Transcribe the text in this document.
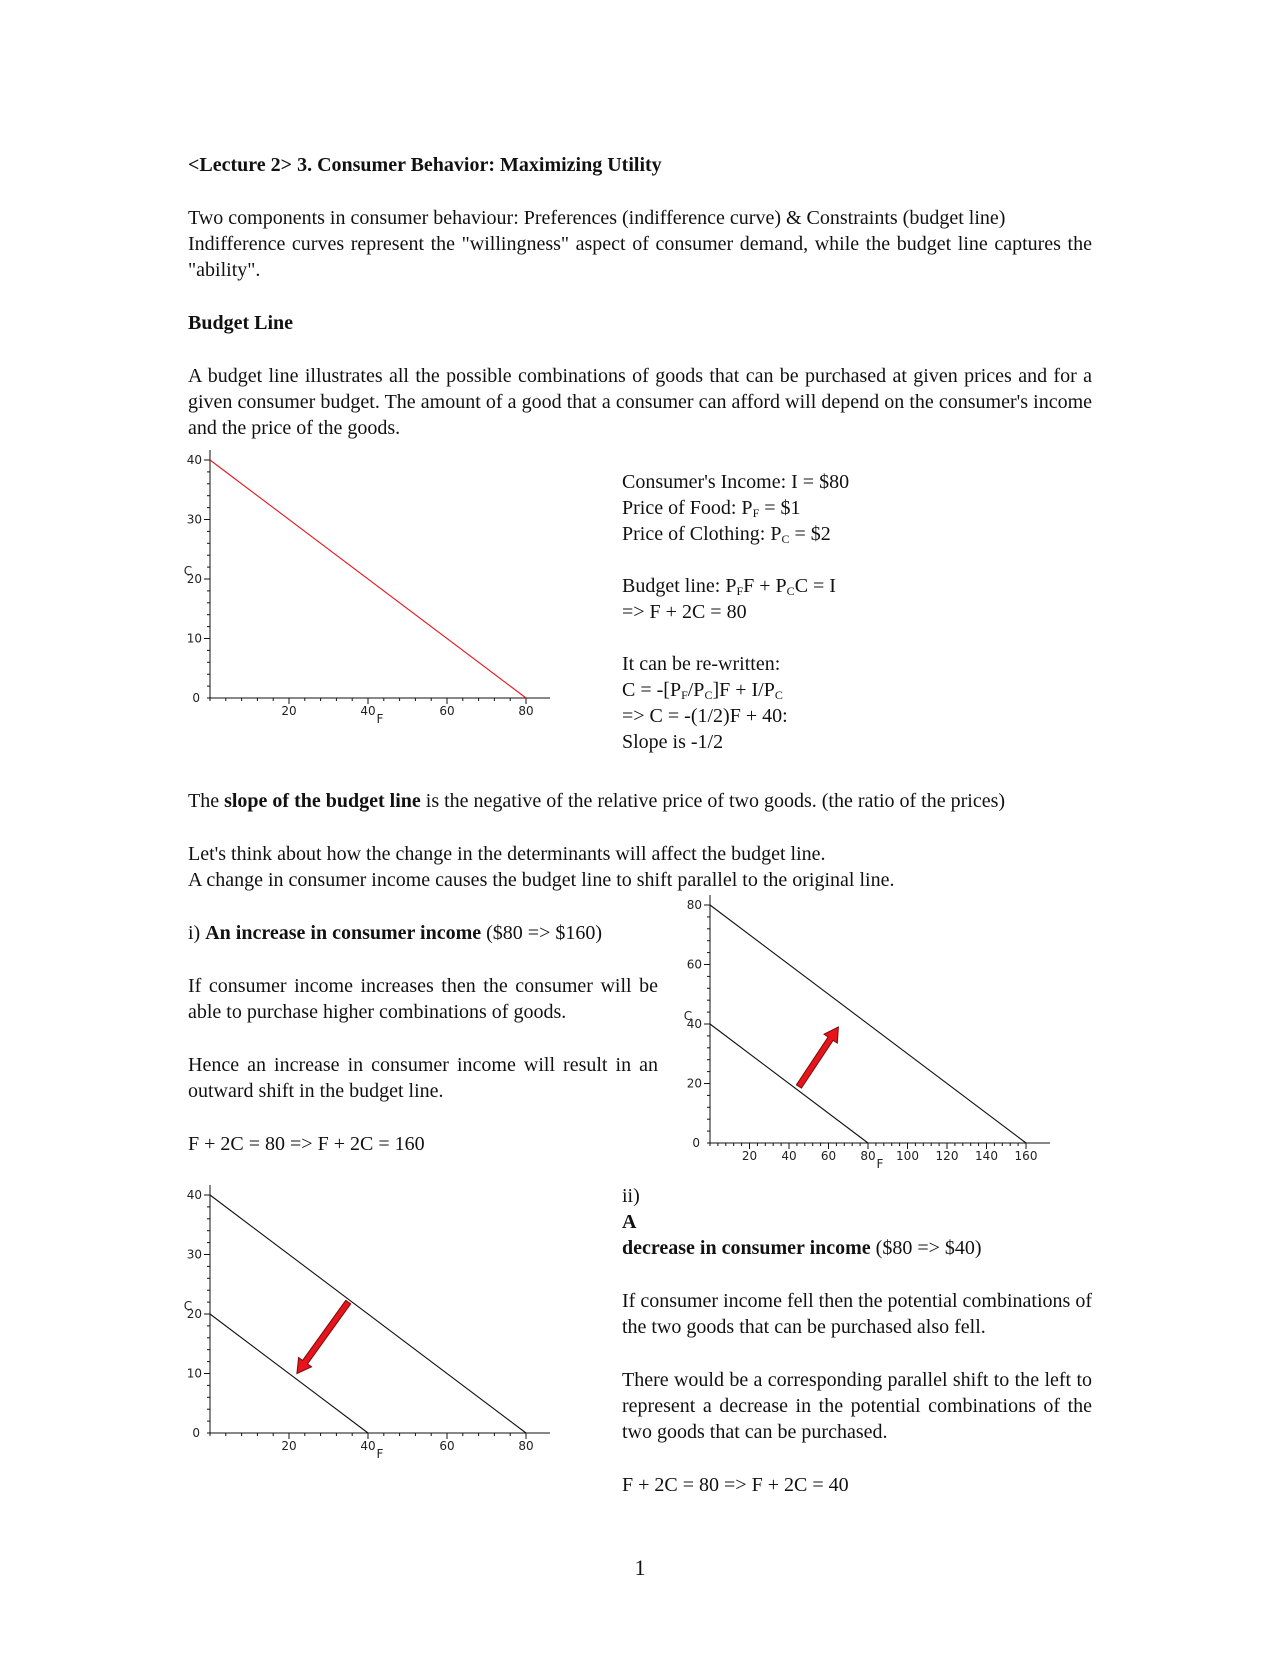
<Lecture 2> 3. Consumer Behavior: Maximizing Utility
Two components in consumer behaviour: Preferences (indifference curve) & Constraints (budget line)
Indifference curves represent the "willingness" aspect of consumer demand, while the budget line captures the "ability".
Budget Line
A budget line illustrates all the possible combinations of goods that can be purchased at given prices and for a given consumer budget. The amount of a good that a consumer can afford will depend on the consumer's income and the price of the goods.
20	40	60	80
10
20
30
40
0
F
C
Consumer's Income: I = $80
Price of Food: $P_F$ = $1
Price of Clothing: $P_C$ = $2
Budget line: $P_FF + P_CC = I$
=> F + 2C = 80
It can be re-written:
$C = -[P_F/P_C]F + I/P_C$
=> C = -(1/2)F + 40:
Slope is -1/2
The slope of the budget line is the negative of the relative price of two goods. (the ratio of the prices)
Let's think about how the change in the determinants will affect the budget line.
A change in consumer income causes the budget line to shift parallel to the original line.
i) An increase in consumer income ($80 => $160)
If consumer income increases then the consumer will be able to purchase higher combinations of goods.
Hence an increase in consumer income will result in an outward shift in the budget line.
F + 2C = 80 => F + 2C = 160
20 40 60 80 100 120 140 160
20
40
60
80
0
F
C
20	40	60	80
10
20
30
40
0
F
C
ii)
A
decrease in consumer income ($80 => $40)
If consumer income fell then the potential combinations of the two goods that can be purchased also fell.
There would be a corresponding parallel shift to the left to represent a decrease in the potential combinations of the two goods that can be purchased.
F + 2C = 80 => F + 2C = 40
1
